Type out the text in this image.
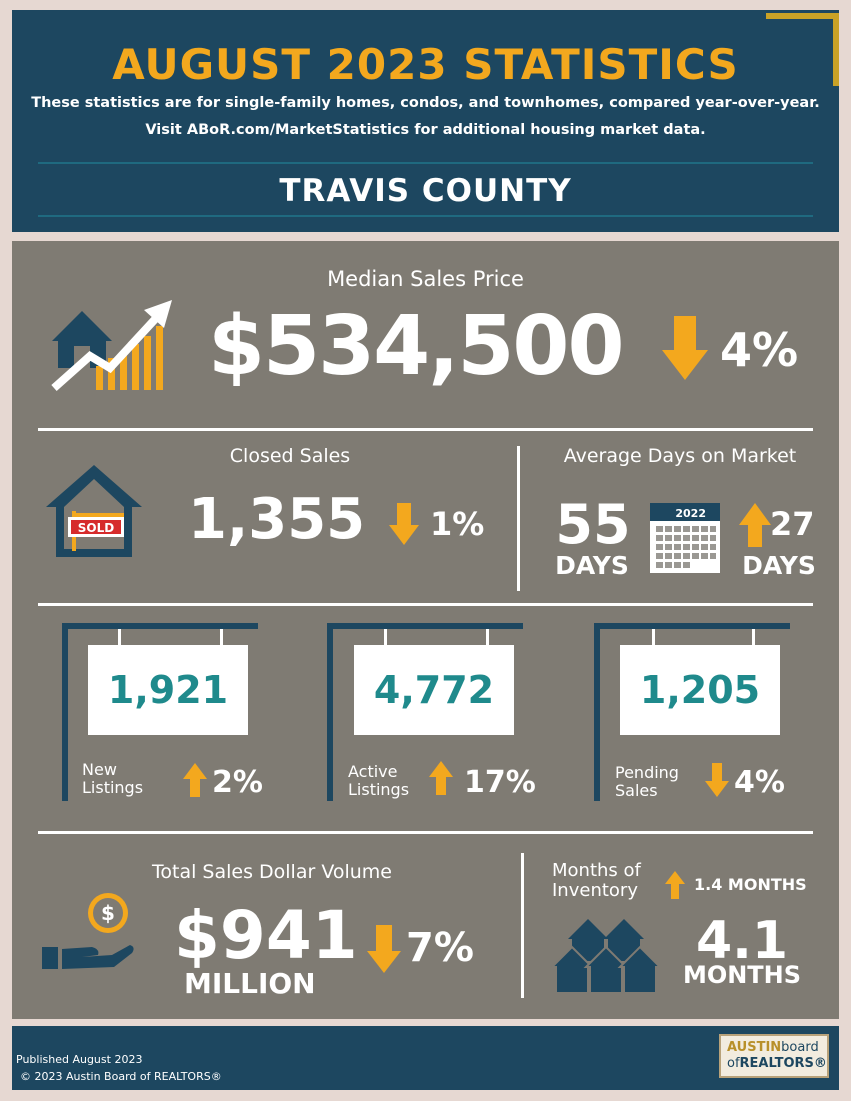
AUGUST 2023 STATISTICS
These statistics are for single-family homes, condos, and townhomes, compared year-over-year.
Visit ABoR.com/MarketStatistics for additional housing market data.
TRAVIS COUNTY
Median Sales Price
$534,500 4%
Closed Sales
SOLD 1,355 1%
Average Days on Market
55
DAYS
2022 27
DAYS
1,921
New
Listings 2%
4,772
Active
Listings 17%
1,205
Pending
Sales	4%
Total Sales Dollar Volume
$ $941
MILLION
7%
Months of
Inventory	1.4 MONTHS
4.1
MONTHS
Published August 2023
© 2023 Austin Board of REALTORS®
AUSTINboard
ofREALTORS®
